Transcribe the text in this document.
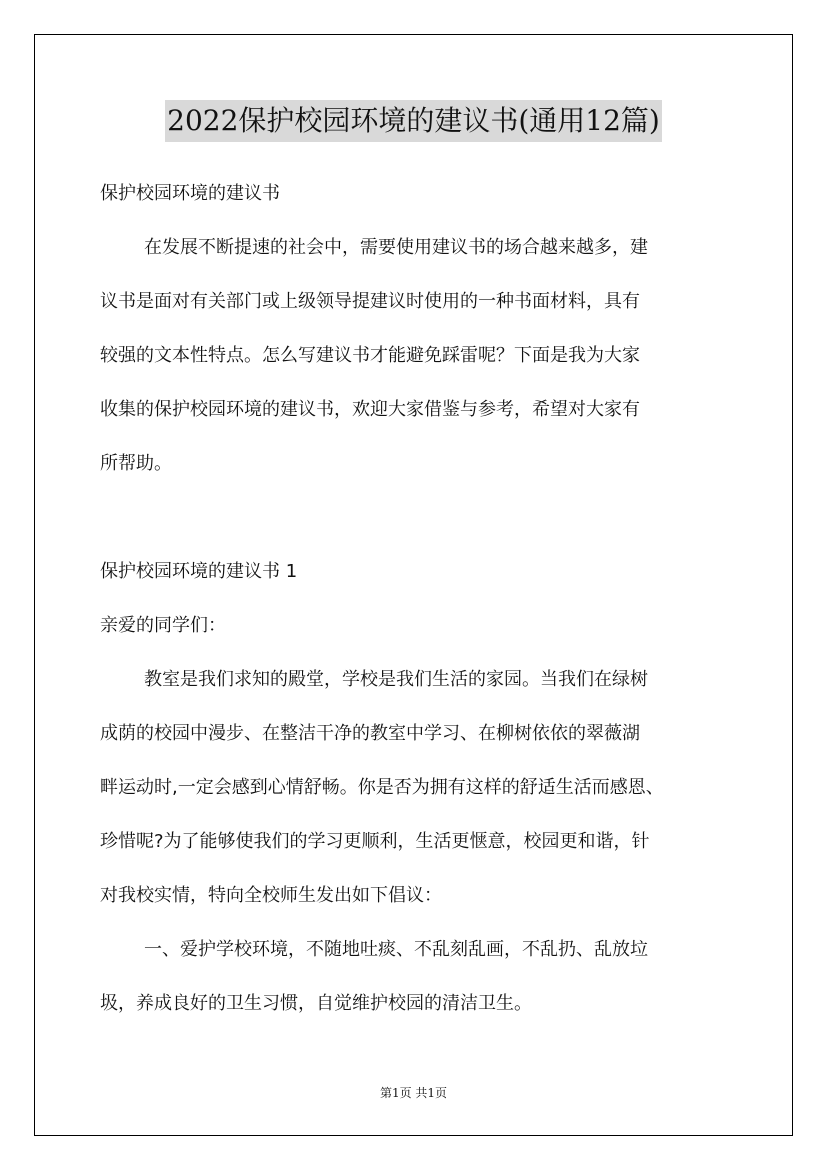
2022保护校园环境的建议书(通用12篇)
保护校园环境的建议书
在发展不断提速的社会中，需要使用建议书的场合越来越多，建
议书是面对有关部门或上级领导提建议时使用的一种书面材料，具有
较强的文本性特点。怎么写建议书才能避免踩雷呢？下面是我为大家
收集的保护校园环境的建议书，欢迎大家借鉴与参考，希望对大家有
所帮助。
保护校园环境的建议书 1
亲爱的同学们：
教室是我们求知的殿堂，学校是我们生活的家园。当我们在绿树
成荫的校园中漫步、在整洁干净的教室中学习、在柳树依依的翠薇湖
畔运动时,一定会感到心情舒畅。你是否为拥有这样的舒适生活而感恩、
珍惜呢?为了能够使我们的学习更顺利，生活更惬意，校园更和谐，针
对我校实情，特向全校师生发出如下倡议：
一、爱护学校环境，不随地吐痰、不乱刻乱画，不乱扔、乱放垃
圾，养成良好的卫生习惯，自觉维护校园的清洁卫生。
第1页 共1页
